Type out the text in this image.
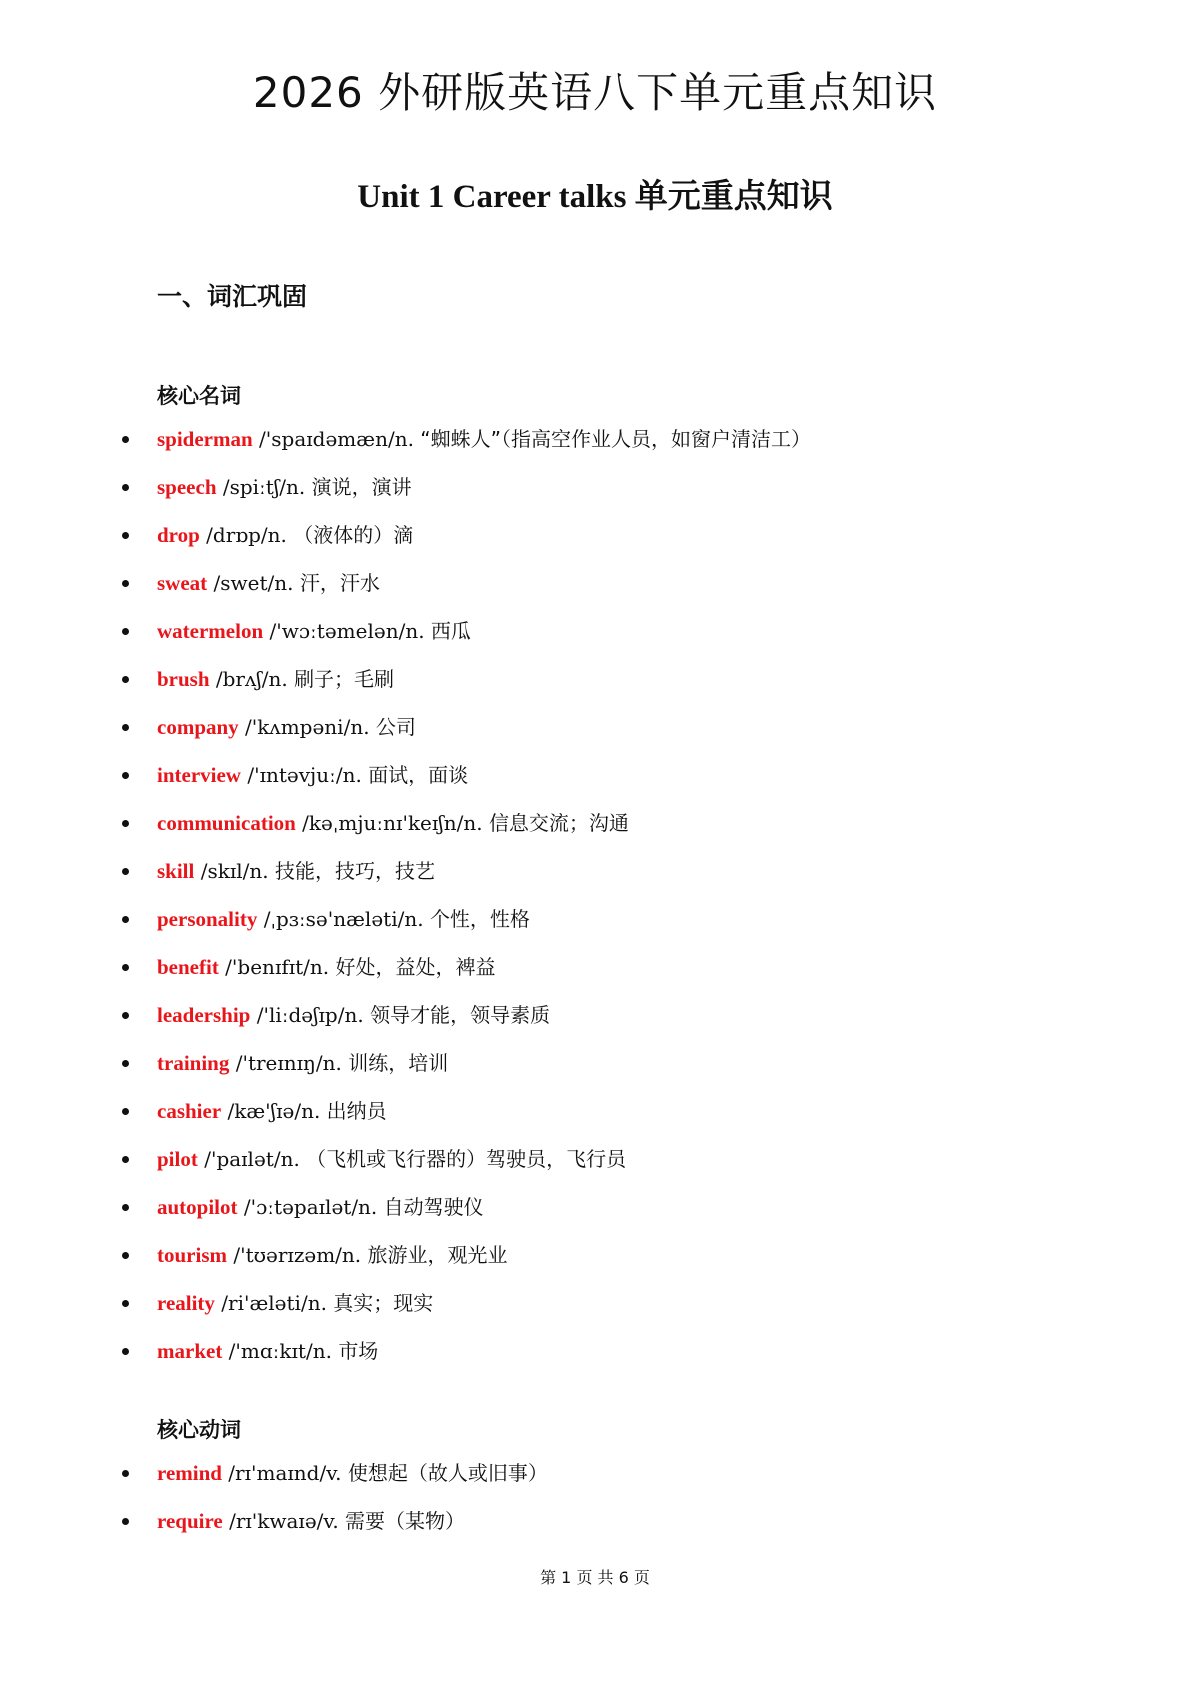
2026 外研版英语八下单元重点知识
Unit 1 Career talks 单元重点知识
一、词汇巩固
核心名词
spiderman /'spaɪdəmæn/n. “蜘蛛人”（指高空作业人员，如窗户清洁工）
speech /spiːtʃ/n. 演说，演讲
drop /drɒp/n. （液体的）滴
sweat /swet/n. 汗，汗水
watermelon /'wɔːtəmelən/n. 西瓜
brush /brʌʃ/n. 刷子；毛刷
company /'kʌmpəni/n. 公司
interview /'ɪntəvjuː/n. 面试，面谈
communication /kəˌmjuːnɪ'keɪʃn/n. 信息交流；沟通
skill /skɪl/n. 技能，技巧，技艺
personality /ˌpɜːsə'næləti/n. 个性，性格
benefit /'benɪfɪt/n. 好处，益处，裨益
leadership /'liːdəʃɪp/n. 领导才能，领导素质
training /'treɪnɪŋ/n. 训练，培训
cashier /kæ'ʃɪə/n. 出纳员
pilot /'paɪlət/n. （飞机或飞行器的）驾驶员，飞行员
autopilot /'ɔːtəpaɪlət/n. 自动驾驶仪
tourism /'tʊərɪzəm/n. 旅游业，观光业
reality /ri'æləti/n. 真实；现实
market /'mɑːkɪt/n. 市场
核心动词
remind /rɪ'maɪnd/v. 使想起（故人或旧事）
require /rɪ'kwaɪə/v. 需要（某物）
第 1 页 共 6 页
